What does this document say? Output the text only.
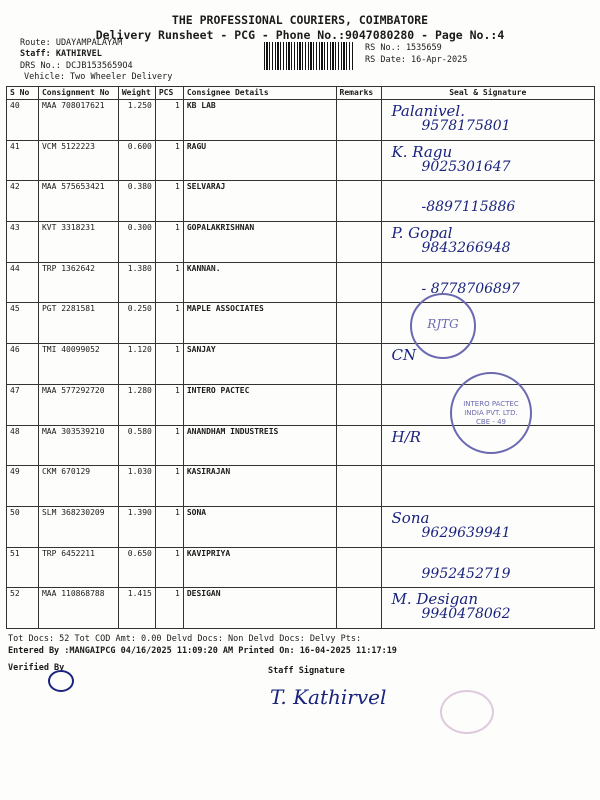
THE PROFESSIONAL COURIERS, COIMBATORE
Delivery Runsheet - PCG - Phone No.:9047080280 - Page No.:4
Route: UDAYAMPALAYAM
Staff: KATHIRVEL
DRS No.: DCJB1535659O4
Vehicle: Two Wheeler Delivery
RS No.: 1535659
RS Date: 16-Apr-2025
S No	Consignment No	Weight	PCS	Consignee Details	Remarks	Seal & Signature
40	MAA 708017621	1.250	1	KB LAB		Palanivel.
9578175801

41	VCM 5122223	0.600	1	RAGU		K. Ragu
9025301647

42	MAA 575653421	0.380	1	SELVARAJ		-8897115886

43	KVT 3318231	0.300	1	GOPALAKRISHNAN		P. Gopal
9843266948

44	TRP 1362642	1.380	1	KANNAN.		- 8778706897

45	PGT 2281581	0.250	1	MAPLE ASSOCIATES		

46	TMI 40099052	1.120	1	SANJAY		CN

47	MAA 577292720	1.280	1	INTERO PACTEC		

48	MAA 303539210	0.580	1	ANANDHAM INDUSTREIS		H/R

49	CKM 670129	1.030	1	KASIRAJAN		

50	SLM 368230209	1.390	1	SONA		Sona
9629639941

51	TRP 6452211	0.650	1	KAVIPRIYA		9952452719

52	MAA 110868788	1.415	1	DESIGAN		M. Desigan
9940478062
RJTG
INTERO PACTEC INDIA PVT. LTD. CBE - 49
Tot Docs: 52 Tot COD Amt: 0.00 Delvd Docs: Non Delvd Docs: Delvy Pts:
Entered By :MANGAIPCG 04/16/2025 11:09:20 AM Printed On: 16-04-2025 11:17:19
Verified By	Staff Signature
T. Kathirvel
